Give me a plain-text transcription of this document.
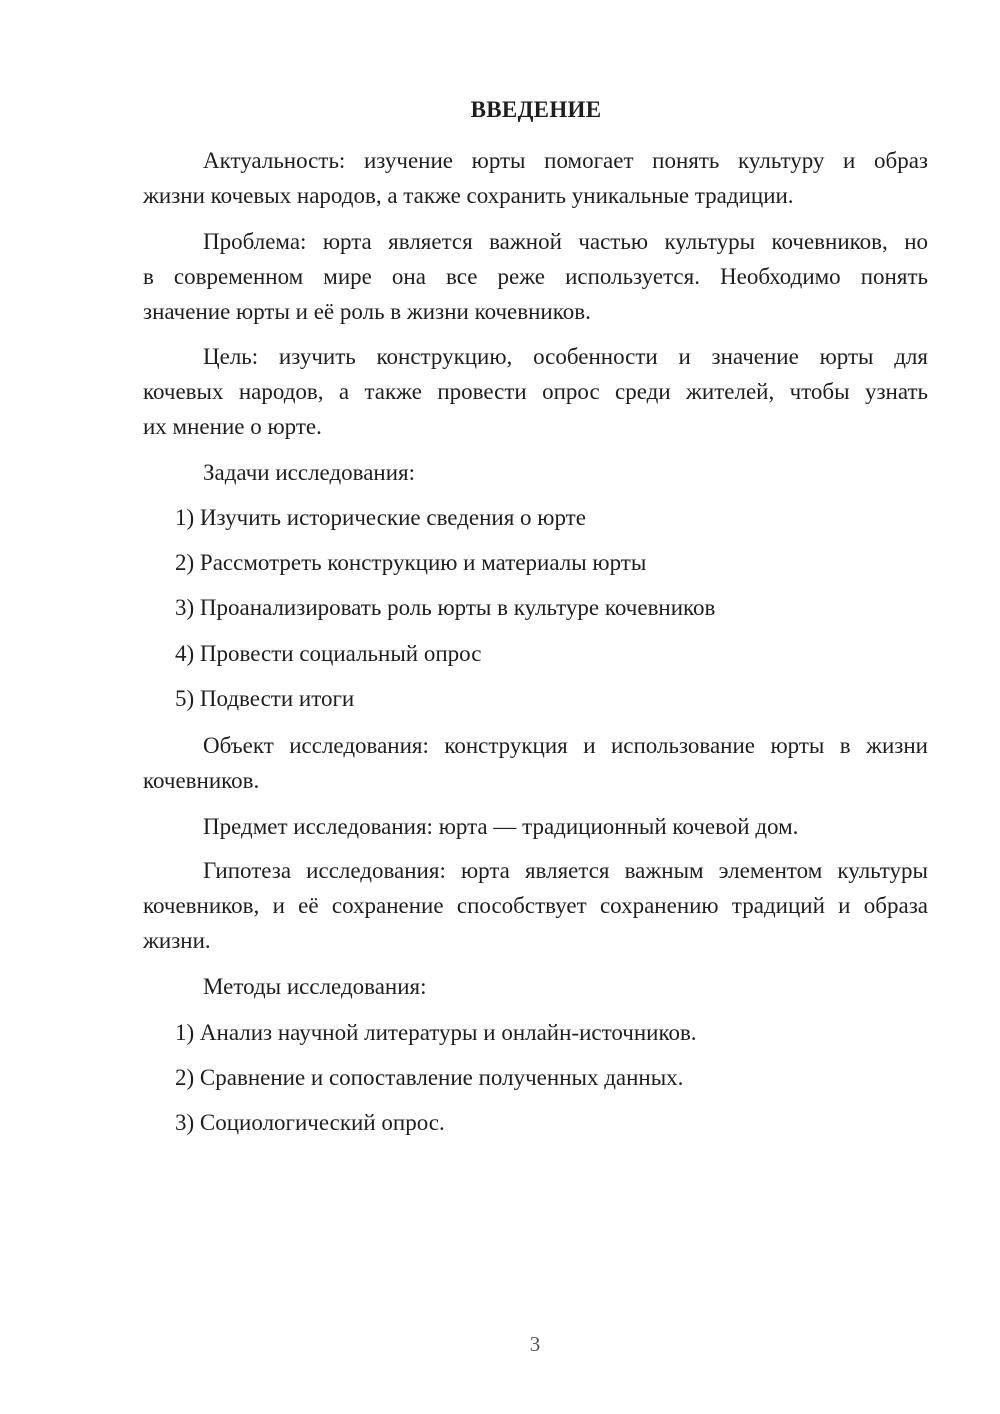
ВВЕДЕНИЕ
Актуальность: изучение юрты помогает понять культуру и образ
жизни кочевых народов, а также сохранить уникальные традиции.
Проблема: юрта является важной частью культуры кочевников, но
в современном мире она все реже используется. Необходимо понять
значение юрты и её роль в жизни кочевников.
Цель: изучить конструкцию, особенности и значение юрты для
кочевых народов, а также провести опрос среди жителей, чтобы узнать
их мнение о юрте.
Задачи исследования:
1) Изучить исторические сведения о юрте
2) Рассмотреть конструкцию и материалы юрты
3) Проанализировать роль юрты в культуре кочевников
4) Провести социальный опрос
5) Подвести итоги
Объект исследования: конструкция и использование юрты в жизни
кочевников.
Предмет исследования: юрта — традиционный кочевой дом.
Гипотеза исследования: юрта является важным элементом культуры
кочевников, и её сохранение способствует сохранению традиций и образа
жизни.
Методы исследования:
1) Анализ научной литературы и онлайн-источников.
2) Сравнение и сопоставление полученных данных.
3) Социологический опрос.
3
